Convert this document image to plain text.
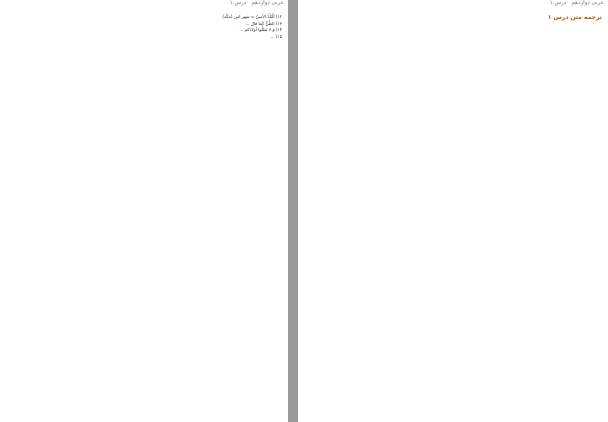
عربی دوازدهم   درس ۱
۱۲) اَلْبَلْدُ الأمینُ = شهر امن (مکّه)
۱۳) الظَّنُّ کَما قالَ ...
۱۴) وَ لا تَقتُلُوا أولادَکم ...
۱۵) ...
عربی دوازدهم   درس ۱
ترجمه متن درس ۱
